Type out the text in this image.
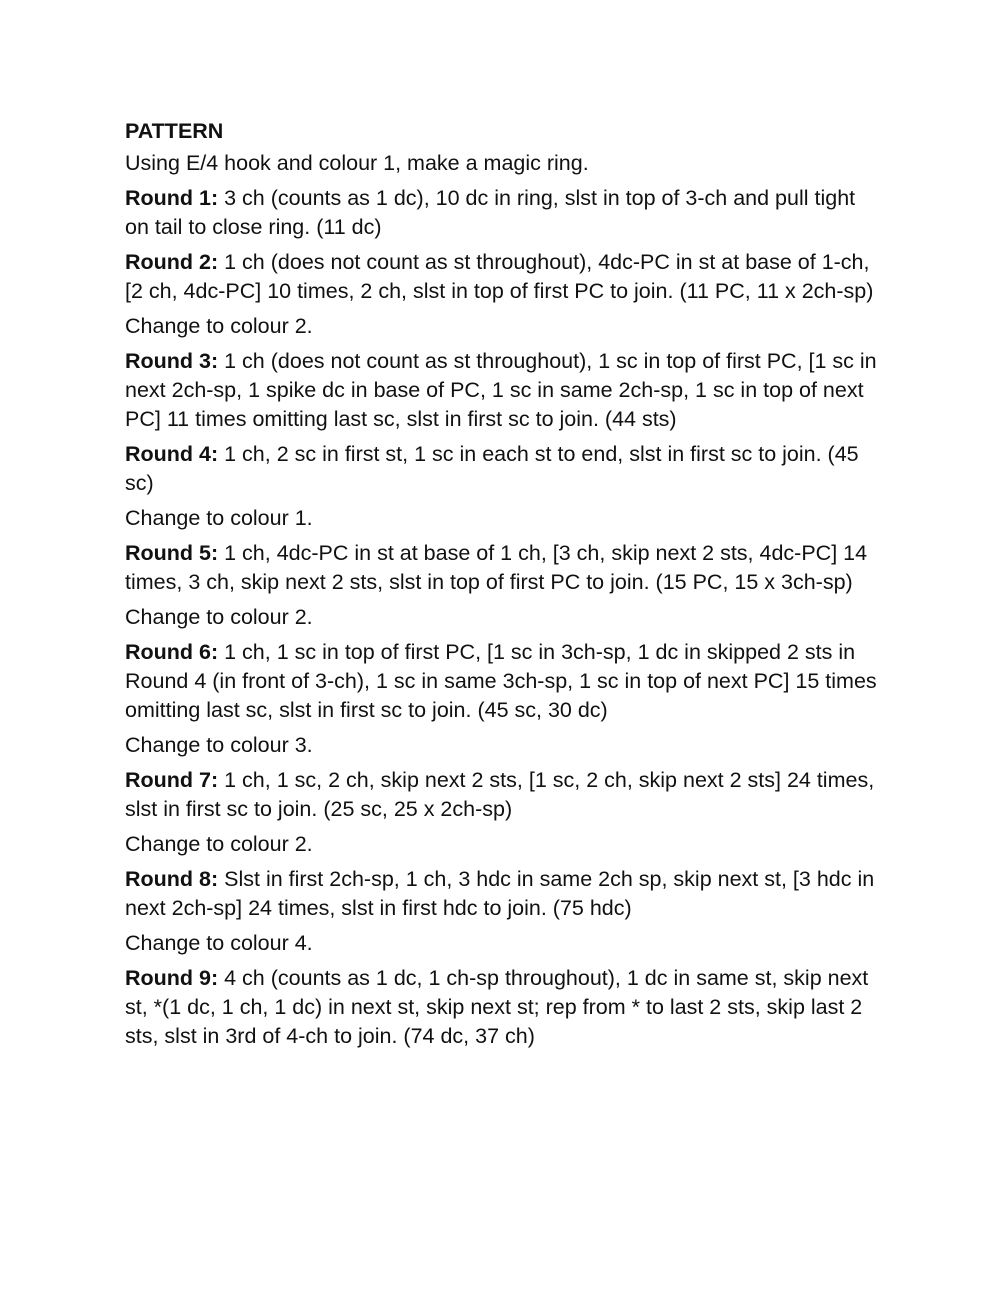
PATTERN
Using E/4 hook and colour 1, make a magic ring.
Round 1: 3 ch (counts as 1 dc), 10 dc in ring, slst in top of 3-ch and pull tight on tail to close ring. (11 dc)
Round 2: 1 ch (does not count as st throughout), 4dc-PC in st at base of 1-ch, [2 ch, 4dc-PC] 10 times, 2 ch, slst in top of first PC to join. (11 PC, 11 x 2ch-sp)
Change to colour 2.
Round 3: 1 ch (does not count as st throughout), 1 sc in top of first PC, [1 sc in next 2ch-sp, 1 spike dc in base of PC, 1 sc in same 2ch-sp, 1 sc in top of next PC] 11 times omitting last sc, slst in first sc to join. (44 sts)
Round 4: 1 ch, 2 sc in first st, 1 sc in each st to end, slst in first sc to join. (45 sc)
Change to colour 1.
Round 5: 1 ch, 4dc-PC in st at base of 1 ch, [3 ch, skip next 2 sts, 4dc-PC] 14 times, 3 ch, skip next 2 sts, slst in top of first PC to join. (15 PC, 15 x 3ch-sp)
Change to colour 2.
Round 6: 1 ch, 1 sc in top of first PC, [1 sc in 3ch-sp, 1 dc in skipped 2 sts in Round 4 (in front of 3-ch), 1 sc in same 3ch-sp, 1 sc in top of next PC] 15 times omitting last sc, slst in first sc to join. (45 sc, 30 dc)
Change to colour 3.
Round 7: 1 ch, 1 sc, 2 ch, skip next 2 sts, [1 sc, 2 ch, skip next 2 sts] 24 times, slst in first sc to join. (25 sc, 25 x 2ch-sp)
Change to colour 2.
Round 8: Slst in first 2ch-sp, 1 ch, 3 hdc in same 2ch sp, skip next st, [3 hdc in next 2ch-sp] 24 times, slst in first hdc to join. (75 hdc)
Change to colour 4.
Round 9: 4 ch (counts as 1 dc, 1 ch-sp throughout), 1 dc in same st, skip next st, *(1 dc, 1 ch, 1 dc) in next st, skip next st; rep from * to last 2 sts, skip last 2 sts, slst in 3rd of 4-ch to join. (74 dc, 37 ch)
